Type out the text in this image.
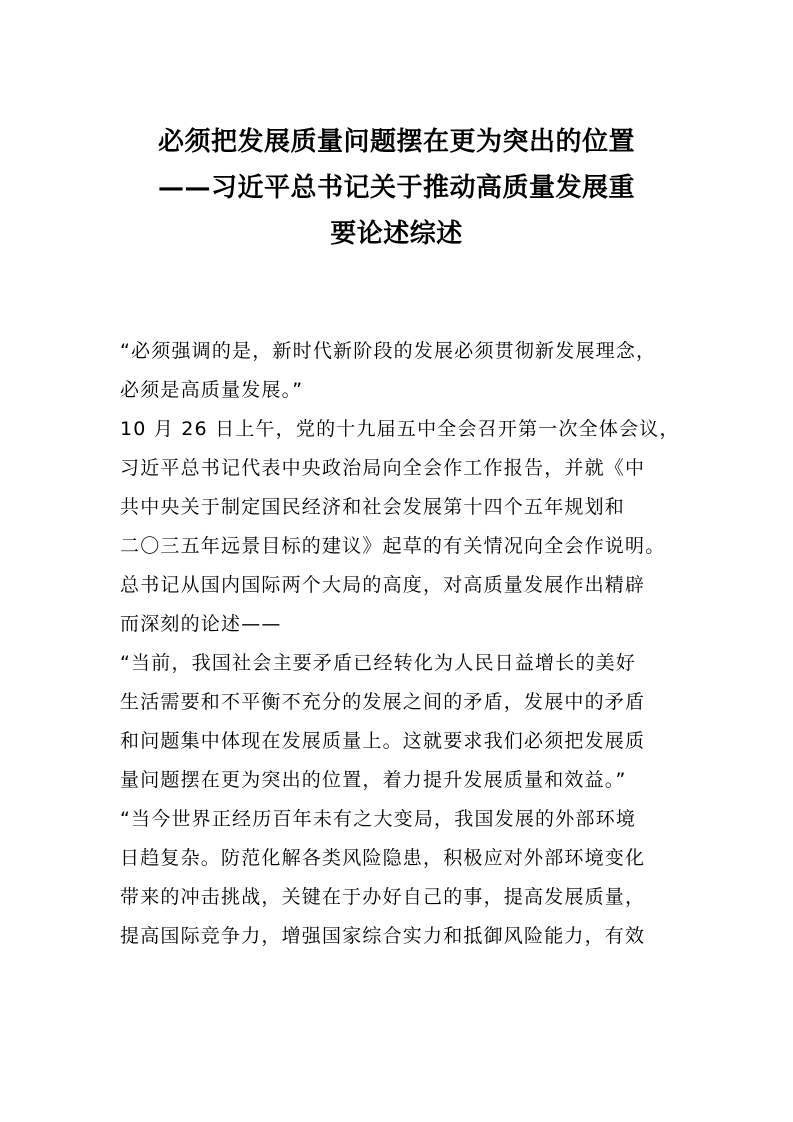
必须把发展质量问题摆在更为突出的位置
——习近平总书记关于推动高质量发展重
要论述综述
“必须强调的是，新时代新阶段的发展必须贯彻新发展理念，
必须是高质量发展。”
10 月 26 日上午，党的十九届五中全会召开第一次全体会议，
习近平总书记代表中央政治局向全会作工作报告，并就《中
共中央关于制定国民经济和社会发展第十四个五年规划和
二〇三五年远景目标的建议》起草的有关情况向全会作说明。
总书记从国内国际两个大局的高度，对高质量发展作出精辟
而深刻的论述——
“当前，我国社会主要矛盾已经转化为人民日益增长的美好
生活需要和不平衡不充分的发展之间的矛盾，发展中的矛盾
和问题集中体现在发展质量上。这就要求我们必须把发展质
量问题摆在更为突出的位置，着力提升发展质量和效益。”
“当今世界正经历百年未有之大变局，我国发展的外部环境
日趋复杂。防范化解各类风险隐患，积极应对外部环境变化
带来的冲击挑战，关键在于办好自己的事，提高发展质量，
提高国际竞争力，增强国家综合实力和抵御风险能力，有效
